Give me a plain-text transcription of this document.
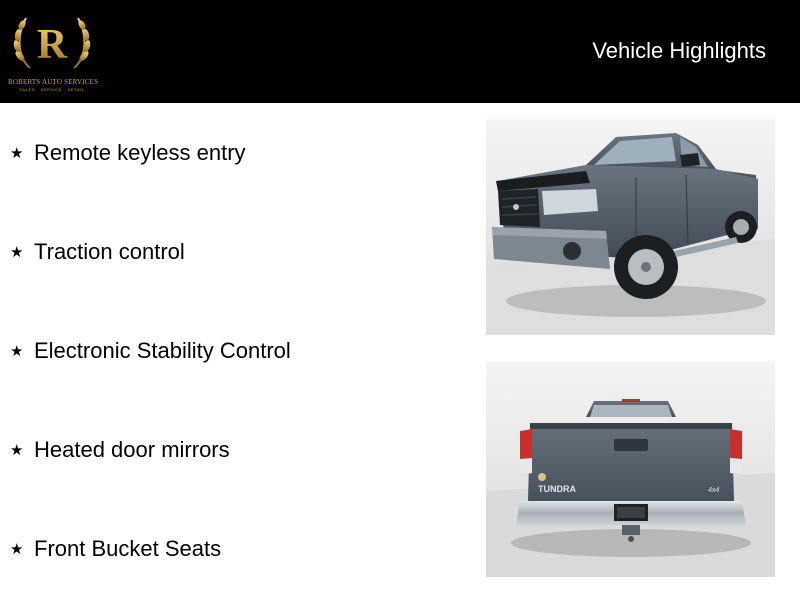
R
ROBERTS AUTO SERVICES
SALES · SERVICE · DETAIL
Vehicle Highlights
★ Remote keyless entry
★ Traction control
★ Electronic Stability Control
★ Heated door mirrors
★ Front Bucket Seats
TUNDRA	4x4
